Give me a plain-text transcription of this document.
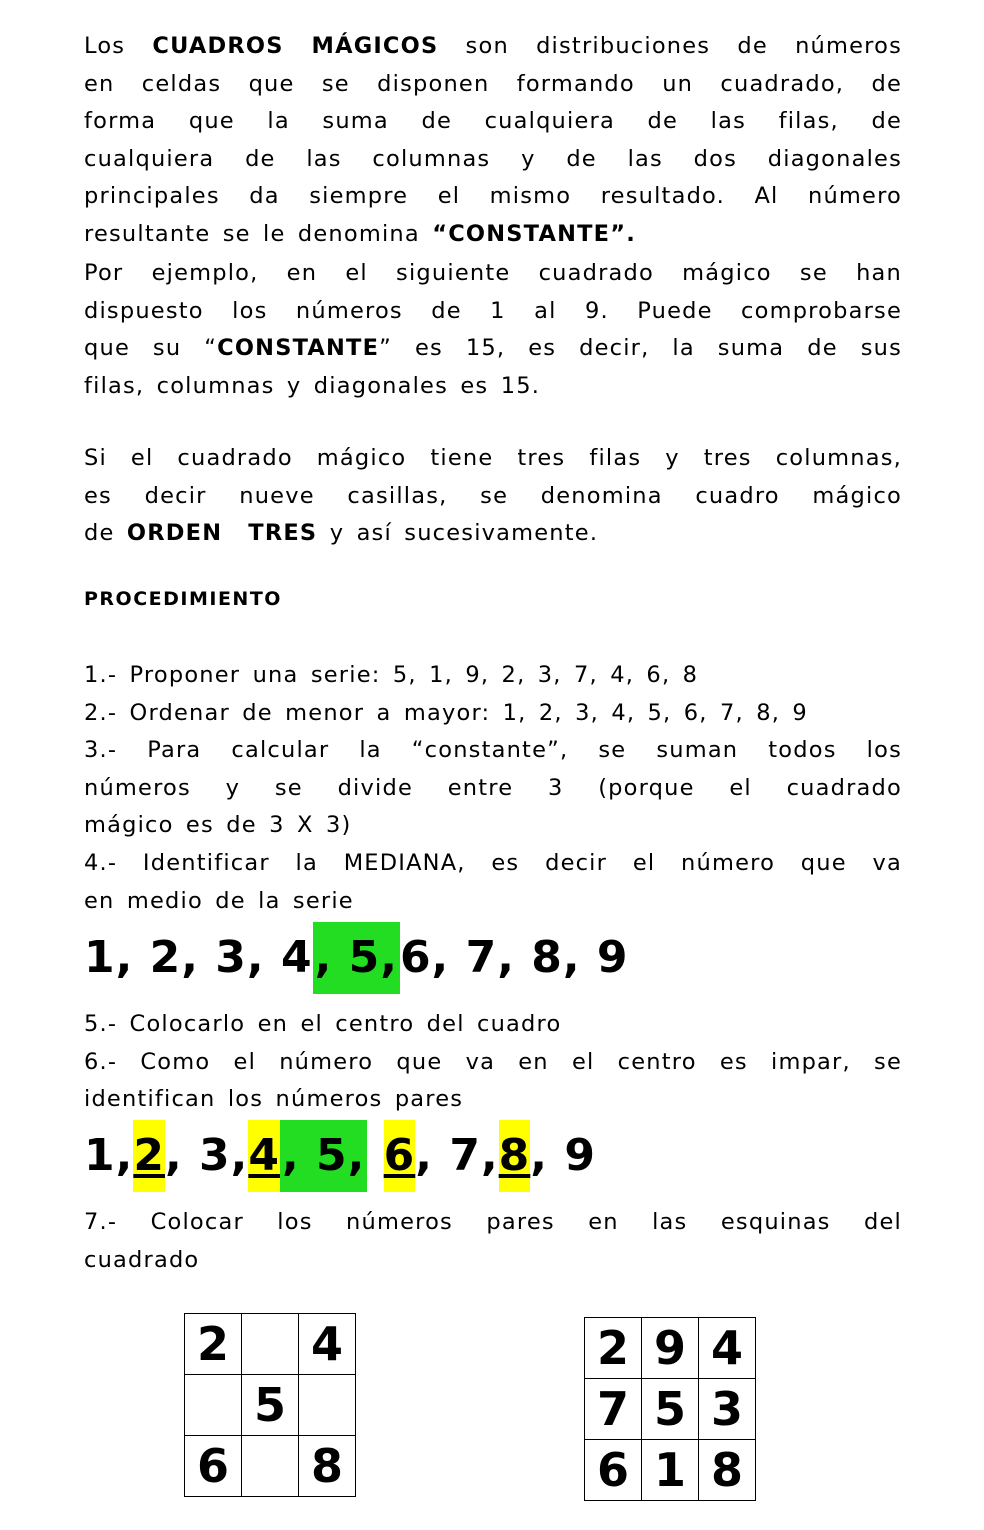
Los CUADROS MÁGICOS son distribuciones de números
en celdas que se disponen formando un cuadrado, de
forma que la suma de cualquiera de las filas, de
cualquiera de las columnas y de las dos diagonales
principales da siempre el mismo resultado. Al número
resultante se le denomina “CONSTANTE”.
Por ejemplo, en el siguiente cuadrado mágico se han
dispuesto los números de 1 al 9. Puede comprobarse
que su “CONSTANTE” es 15, es decir, la suma de sus
filas, columnas y diagonales es 15.
Si el cuadrado mágico tiene tres filas y tres columnas,
es decir nueve casillas, se denomina cuadro mágico
de ORDEN  TRES y así sucesivamente.
PROCEDIMIENTO
1.- Proponer una serie: 5, 1, 9, 2, 3, 7, 4, 6, 8
2.- Ordenar de menor a mayor: 1, 2, 3, 4, 5, 6, 7, 8, 9
3.- Para calcular la “constante”, se suman todos los
números y se divide entre 3 (porque el cuadrado
mágico es de 3 X 3)
4.- Identificar la MEDIANA, es decir el número que va
en medio de la serie
1, 2, 3, 4, 5,6, 7, 8, 9
5.- Colocarlo en el centro del cuadro
6.- Como el número que va en el centro es impar, se
identifican los números pares
1,2, 3,4, 5, 6, 7,8, 9
7.- Colocar los números pares en las esquinas del
cuadrado
2		4
	5	
6		8
2	9	4
7	5	3
6	1	8
